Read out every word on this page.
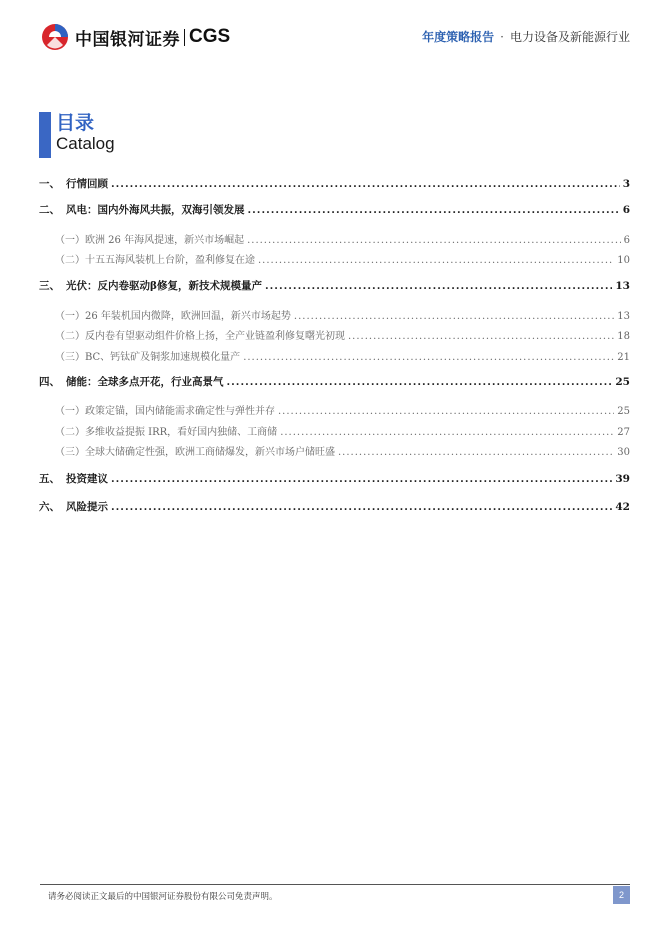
中国银河证券 CGS	年度策略报告 · 电力设备及新能源行业
目录
Catalog
一、 行情回顾 .....	3
二、 风电：国内外海风共振，双海引领发展 .....	6
（一） 欧洲 26 年海风提速，新兴市场崛起 .....	6
（二） 十五五海风装机上台阶，盈利修复在途 .....	10
三、 光伏：反内卷驱动β修复，新技术规模量产 .....	13
（一） 26 年装机国内微降，欧洲回温，新兴市场起势 .....	13
（二） 反内卷有望驱动组件价格上扬，全产业链盈利修复曙光初现 .....	18
（三） BC、钙钛矿及铜浆加速规模化量产 .....	21
四、 储能：全球多点开花，行业高景气 .....	25
（一） 政策定锚，国内储能需求确定性与弹性并存 .....	25
（二） 多维收益提振 IRR，看好国内独储、工商储 .....	27
（三） 全球大储确定性强，欧洲工商储爆发，新兴市场户储旺盛 .....	30
五、 投资建议 .....	39
六、 风险提示 .....	42
请务必阅读正文最后的中国银河证券股份有限公司免责声明。	2
